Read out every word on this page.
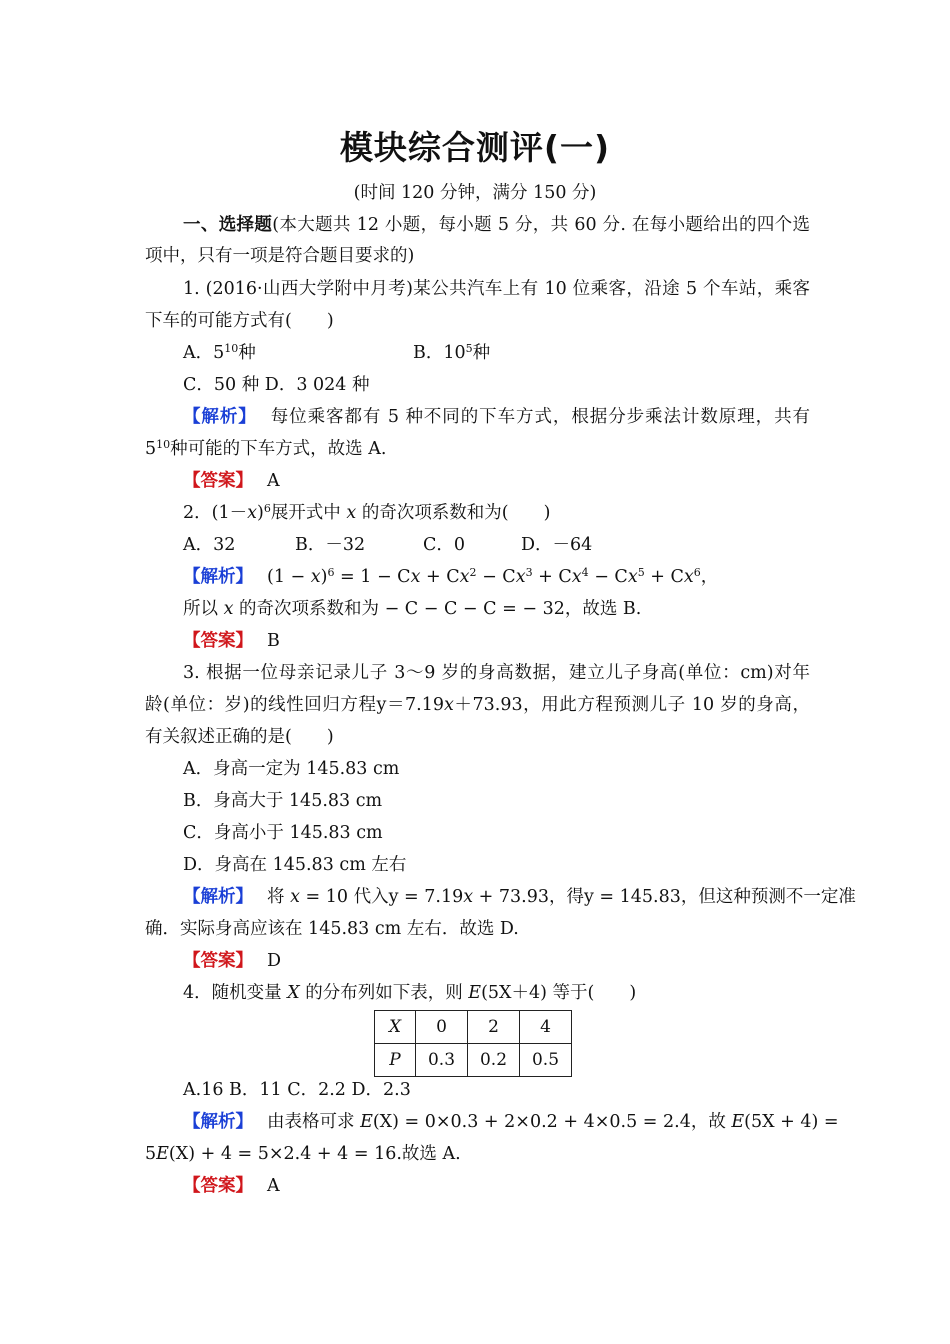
模块综合测评(一)
(时间 120 分钟，满分 150 分)
一、选择题(本大题共 12 小题，每小题 5 分，共 60 分. 在每小题给出的四个选
项中，只有一项是符合题目要求的)
1. (2016·山西大学附中月考)某公共汽车上有 10 位乘客，沿途 5 个车站，乘客
下车的可能方式有(　　)
A．$5^{10}$种	B．$10^5$种
C．50 种 D．3 024 种
【解析】 每位乘客都有 5 种不同的下车方式，根据分步乘法计数原理，共有
$5^{10}$种可能的下车方式，故选 A.
【答案】 A
2．$(1-x)^6$展开式中 x 的奇次项系数和为(　　)
A．32	B．－32	C．0	D．－64
【解析】 $(1 - x)^6 = 1 - Cx + Cx^2 - Cx^3 + Cx^4 - Cx^5 + Cx^6$，
所以 x 的奇次项系数和为 − C − C − C = − 32，故选 B.
【答案】 B
3. 根据一位母亲记录儿子 3～9 岁的身高数据，建立儿子身高(单位：cm)对年
龄(单位：岁)的线性回归方程y＝7.19x＋73.93，用此方程预测儿子 10 岁的身高，
有关叙述正确的是(　　)
A．身高一定为 145.83 cm
B．身高大于 145.83 cm
C．身高小于 145.83 cm
D．身高在 145.83 cm 左右
【解析】 将 x = 10 代入y = 7.19x + 73.93，得y = 145.83，但这种预测不一定准
确．实际身高应该在 145.83 cm 左右．故选 D.
【答案】 D
4．随机变量 X 的分布列如下表，则 E(5X＋4) 等于(　　)
X	0	2	4
P	0.3	0.2	0.5
A.16 B．11 C．2.2 D．2.3
【解析】 由表格可求 E(X) = 0×0.3 + 2×0.2 + 4×0.5 = 2.4，故 E(5X + 4) =
5E(X) + 4 = 5×2.4 + 4 = 16.故选 A.
【答案】 A
